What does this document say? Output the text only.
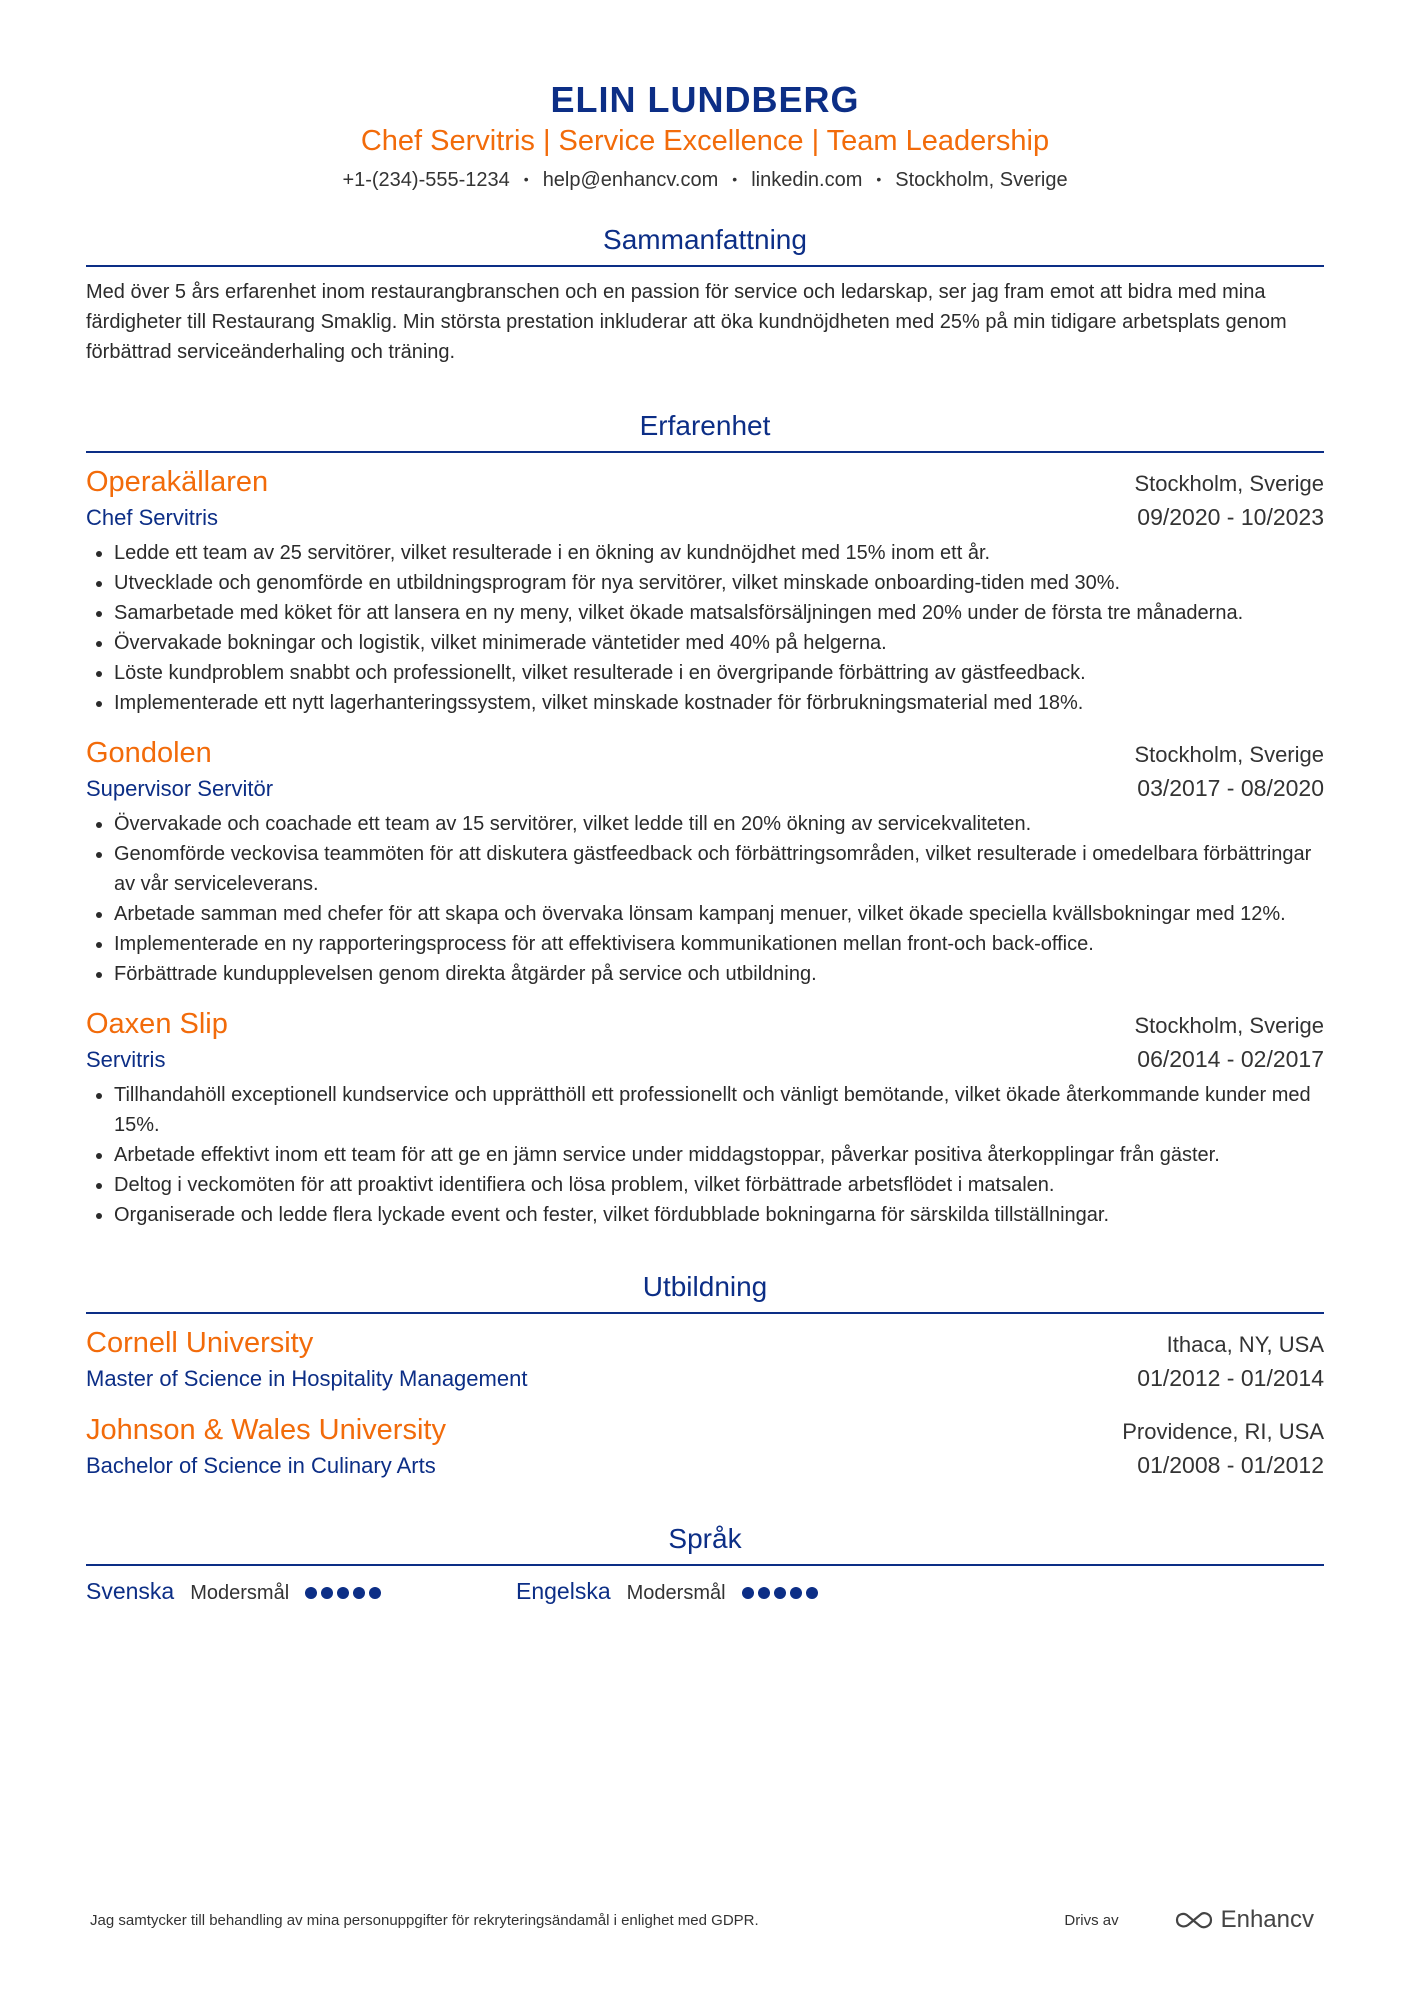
ELIN LUNDBERG
Chef Servitris | Service Excellence | Team Leadership
+1-(234)-555-1234 • help@enhancv.com • linkedin.com • Stockholm, Sverige
Sammanfattning

Med över 5 års erfarenhet inom restaurangbranschen och en passion för service och ledarskap, ser jag fram emot att bidra med mina färdigheter till Restaurang Smaklig. Min största prestation inkluderar att öka kundnöjdheten med 25% på min tidigare arbetsplats genom förbättrad serviceänderhaling och träning.

Erfarenhet
Operakällaren	Stockholm, Sverige
Chef Servitris	09/2020 - 10/2023
• Ledde ett team av 25 servitörer, vilket resulterade i en ökning av kundnöjdhet med 15% inom ett år.
• Utvecklade och genomförde en utbildningsprogram för nya servitörer, vilket minskade onboarding-tiden med 30%.
• Samarbetade med köket för att lansera en ny meny, vilket ökade matsalsförsäljningen med 20% under de första tre månaderna.
• Övervakade bokningar och logistik, vilket minimerade väntetider med 40% på helgerna.
• Löste kundproblem snabbt och professionellt, vilket resulterade i en övergripande förbättring av gästfeedback.
• Implementerade ett nytt lagerhanteringssystem, vilket minskade kostnader för förbrukningsmaterial med 18%.
Gondolen	Stockholm, Sverige
Supervisor Servitör	03/2017 - 08/2020
• Övervakade och coachade ett team av 15 servitörer, vilket ledde till en 20% ökning av servicekvaliteten.
• Genomförde veckovisa teammöten för att diskutera gästfeedback och förbättringsområden, vilket resulterade i omedelbara förbättringar av vår serviceleverans.
• Arbetade samman med chefer för att skapa och övervaka lönsam kampanj menuer, vilket ökade speciella kvällsbokningar med 12%.
• Implementerade en ny rapporteringsprocess för att effektivisera kommunikationen mellan front-och back-office.
• Förbättrade kundupplevelsen genom direkta åtgärder på service och utbildning.
Oaxen Slip	Stockholm, Sverige
Servitris	06/2014 - 02/2017
• Tillhandahöll exceptionell kundservice och upprätthöll ett professionellt och vänligt bemötande, vilket ökade återkommande kunder med 15%.
• Arbetade effektivt inom ett team för att ge en jämn service under middagstoppar, påverkar positiva återkopplingar från gäster.
• Deltog i veckomöten för att proaktivt identifiera och lösa problem, vilket förbättrade arbetsflödet i matsalen.
• Organiserade och ledde flera lyckade event och fester, vilket fördubblade bokningarna för särskilda tillställningar.
Utbildning
Cornell University	Ithaca, NY, USA
Master of Science in Hospitality Management	01/2012 - 01/2014
Johnson & Wales University	Providence, RI, USA
Bachelor of Science in Culinary Arts	01/2008 - 01/2012
Språk
Svenska Modersmål	Engelska Modersmål
Jag samtycker till behandling av mina personuppgifter för rekryteringsändamål i enlighet med GDPR.	Drivs av	Enhancv
